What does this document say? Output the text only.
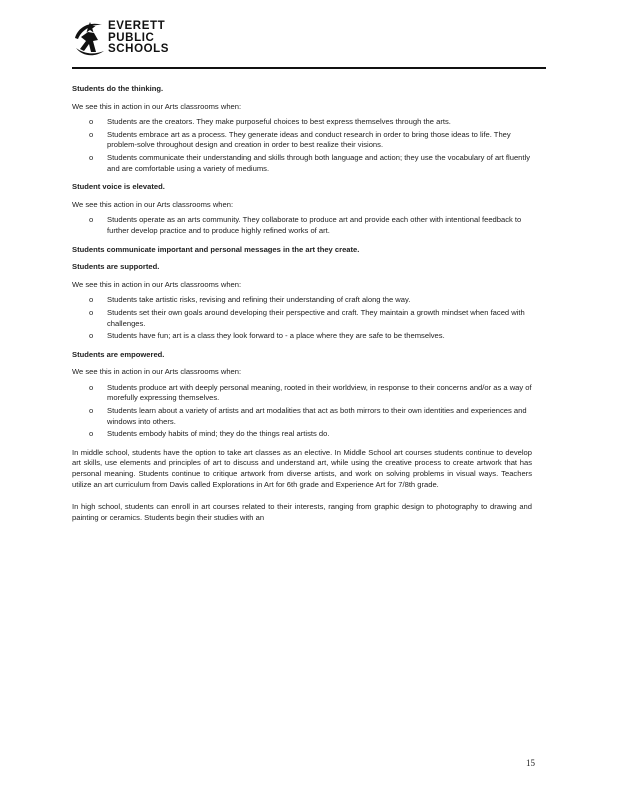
EVERETT
PUBLIC
SCHOOLS

Students do the thinking.

We see this in action in our Arts classrooms when:

o Students are the creators. They make purposeful choices to best express themselves through the arts.
o Students embrace art as a process. They generate ideas and conduct research in order to bring those ideas to life. They problem-solve throughout design and creation in order to best realize their visions.
o Students communicate their understanding and skills through both language and action; they use the vocabulary of art fluently and are comfortable using a variety of mediums.

Student voice is elevated.

We see this action in our Arts classrooms when:

o Students operate as an arts community. They collaborate to produce art and provide each other with intentional feedback to further develop practice and to produce highly refined works of art.

Students communicate important and personal messages in the art they create.

Students are supported.

We see this in action in our Arts classrooms when:

o Students take artistic risks, revising and refining their understanding of craft along the way.
o Students set their own goals around developing their perspective and craft. They maintain a growth mindset when faced with challenges.
o Students have fun; art is a class they look forward to - a place where they are safe to be themselves.

Students are empowered.

We see this in action in our Arts classrooms when:

o Students produce art with deeply personal meaning, rooted in their worldview, in response to their concerns and/or as a way of morefully expressing themselves.
o Students learn about a variety of artists and art modalities that act as both mirrors to their own identities and experiences and windows into others.
o Students embody habits of mind; they do the things real artists do.

In middle school, students have the option to take art classes as an elective. In Middle School art courses students continue to develop art skills, use elements and principles of art to discuss and understand art, while using the creative process to create artwork that has personal meaning. Students continue to critique artwork from diverse artists, and work on solving problems in visual ways. Teachers utilize an art curriculum from Davis called Explorations in Art for 6th grade and Experience Art for 7/8th grade.

In high school, students can enroll in art courses related to their interests, ranging from graphic design to photography to drawing and painting or ceramics. Students begin their studies with an

15
